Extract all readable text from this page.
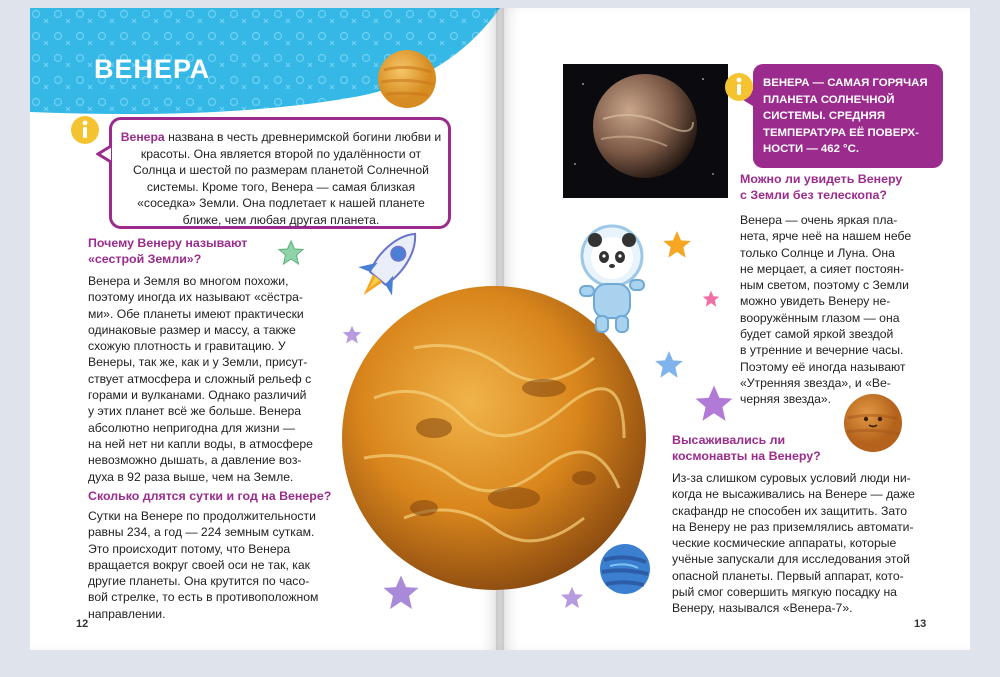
ВЕНЕРА
Венера названа в честь древнеримской богини любви и красоты. Она является второй по удалённости от Солнца и шестой по размерам планетой Солнечной системы. Кроме того, Венера — самая близкая «соседка» Земли. Она подлетает к нашей планете ближе, чем любая другая планета.
Почему Венеру называют
«сестрой Земли»?
Венера и Земля во многом похожи,
поэтому иногда их называют «сёстра-
ми». Обе планеты имеют практически
одинаковые размер и массу, а также
схожую плотность и гравитацию. У
Венеры, так же, как и у Земли, присут-
ствует атмосфера и сложный рельеф с
горами и вулканами. Однако различий
у этих планет всё же больше. Венера
абсолютно непригодна для жизни —
на ней нет ни капли воды, в атмосфере
невозможно дышать, а давление воз-
духа в 92 раза выше, чем на Земле.
Сколько длятся сутки и год на Венере?
Сутки на Венере по продолжительности
равны 234, а год — 224 земным суткам.
Это происходит потому, что Венера
вращается вокруг своей оси не так, как
другие планеты. Она крутится по часо-
вой стрелке, то есть в противоположном
направлении.
12	13
ВЕНЕРА — САМАЯ ГОРЯЧАЯ
ПЛАНЕТА СОЛНЕЧНОЙ
СИСТЕМЫ. СРЕДНЯЯ
ТЕМПЕРАТУРА ЕЁ ПОВЕРХ-
НОСТИ — 462 °С.
Можно ли увидеть Венеру
с Земли без телескопа?
Венера — очень яркая пла-
нета, ярче неё на нашем небе
только Солнце и Луна. Она
не мерцает, а сияет постоян-
ным светом, поэтому с Земли
можно увидеть Венеру не-
вооружённым глазом — она
будет самой яркой звездой
в утренние и вечерние часы.
Поэтому её иногда называют
«Утренняя звезда», и «Ве-
черняя звезда».
Высаживались ли
космонавты на Венеру?
Из-за слишком суровых условий люди ни-
когда не высаживались на Венере — даже
скафандр не способен их защитить. Зато
на Венеру не раз приземлялись автомати-
ческие космические аппараты, которые
учёные запускали для исследования этой
опасной планеты. Первый аппарат, кото-
рый смог совершить мягкую посадку на
Венеру, назывался «Венера-7».
